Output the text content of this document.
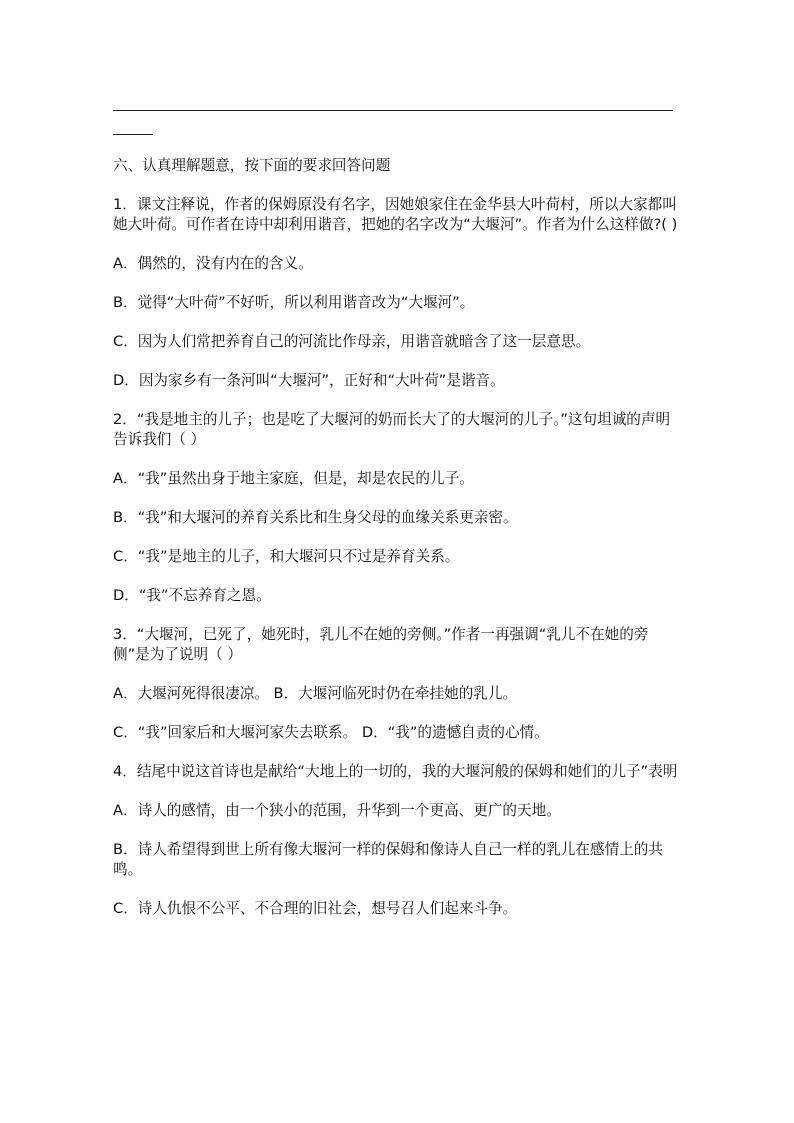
六、认真理解题意，按下面的要求回答问题

1．课文注释说，作者的保姆原没有名字，因她娘家住在金华县大叶荷村，所以大家都叫她大叶荷。可作者在诗中却利用谐音，把她的名字改为“大堰河”。作者为什么这样做?( )

A．偶然的，没有内在的含义。

B．觉得“大叶荷”不好听，所以利用谐音改为“大堰河”。

C．因为人们常把养育自己的河流比作母亲，用谐音就暗含了这一层意思。

D．因为家乡有一条河叫“大堰河”，正好和“大叶荷”是谐音。

2．“我是地主的儿子；也是吃了大堰河的奶而长大了的大堰河的儿子。”这句坦诚的声明告诉我们（ ）

A．“我”虽然出身于地主家庭，但是，却是农民的儿子。

B．“我”和大堰河的养育关系比和生身父母的血缘关系更亲密。

C．“我”是地主的儿子，和大堰河只不过是养育关系。

D．“我”不忘养育之恩。

3．“大堰河，已死了，她死时，乳儿不在她的旁侧。”作者一再强调“乳儿不在她的旁侧”是为了说明（ ）

A．大堰河死得很凄凉。 B．大堰河临死时仍在牵挂她的乳儿。

C．“我”回家后和大堰河家失去联系。 D．“我”的遗憾自责的心情。

4．结尾中说这首诗也是献给“大地上的一切的，我的大堰河般的保姆和她们的儿子”表明

A．诗人的感情，由一个狭小的范围，升华到一个更高、更广的天地。

B．诗人希望得到世上所有像大堰河一样的保姆和像诗人自己一样的乳儿在感情上的共鸣。

C．诗人仇恨不公平、不合理的旧社会，想号召人们起来斗争。
